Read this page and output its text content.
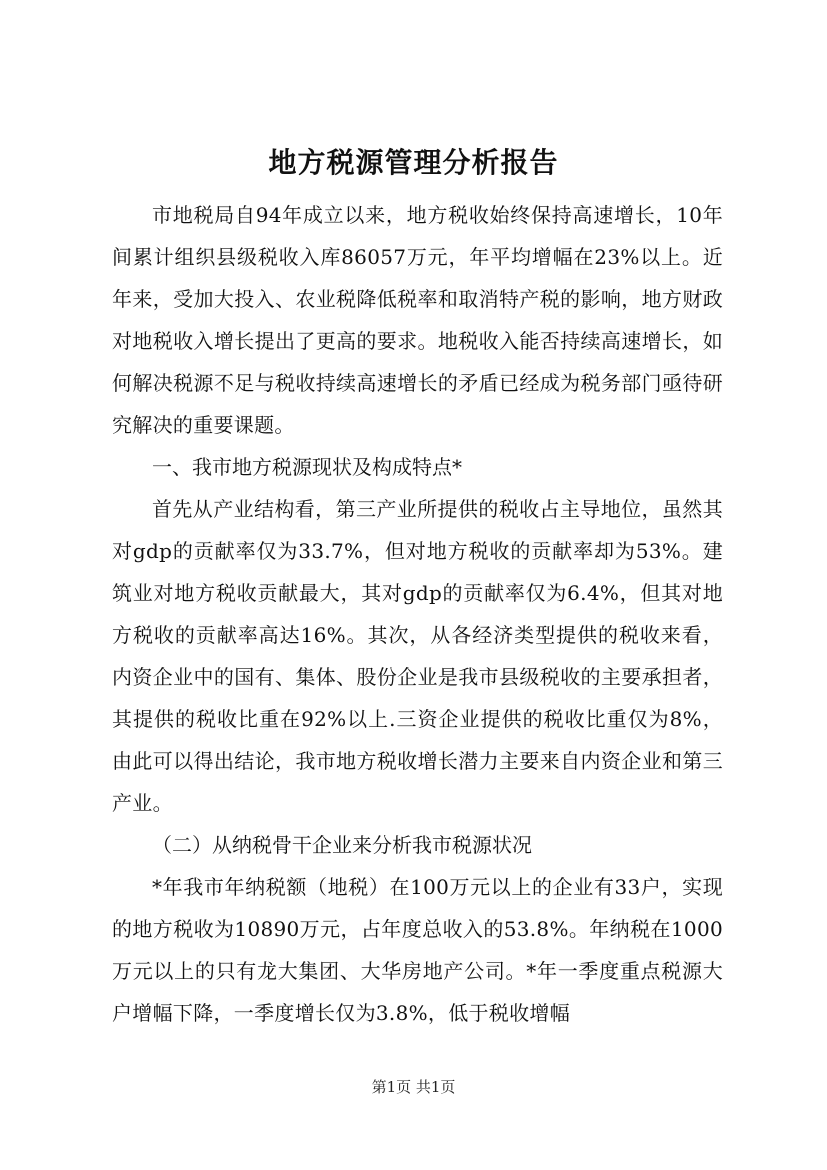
地方税源管理分析报告

市地税局自94年成立以来，地方税收始终保持高速增长，10年间累计组织县级税收入库86057万元，年平均增幅在23%以上。近年来，受加大投入、农业税降低税率和取消特产税的影响，地方财政对地税收入增长提出了更高的要求。地税收入能否持续高速增长，如何解决税源不足与税收持续高速增长的矛盾已经成为税务部门亟待研究解决的重要课题。

一、我市地方税源现状及构成特点*

首先从产业结构看，第三产业所提供的税收占主导地位，虽然其对gdp的贡献率仅为33.7%，但对地方税收的贡献率却为53%。建筑业对地方税收贡献最大，其对gdp的贡献率仅为6.4%，但其对地方税收的贡献率高达16%。其次，从各经济类型提供的税收来看，内资企业中的国有、集体、股份企业是我市县级税收的主要承担者，其提供的税收比重在92%以上.三资企业提供的税收比重仅为8%，由此可以得出结论，我市地方税收增长潜力主要来自内资企业和第三产业。

（二）从纳税骨干企业来分析我市税源状况

*年我市年纳税额（地税）在100万元以上的企业有33户，实现的地方税收为10890万元，占年度总收入的53.8%。年纳税在1000万元以上的只有龙大集团、大华房地产公司。*年一季度重点税源大户增幅下降，一季度增长仅为3.8%，低于税收增幅

第1页 共1页
